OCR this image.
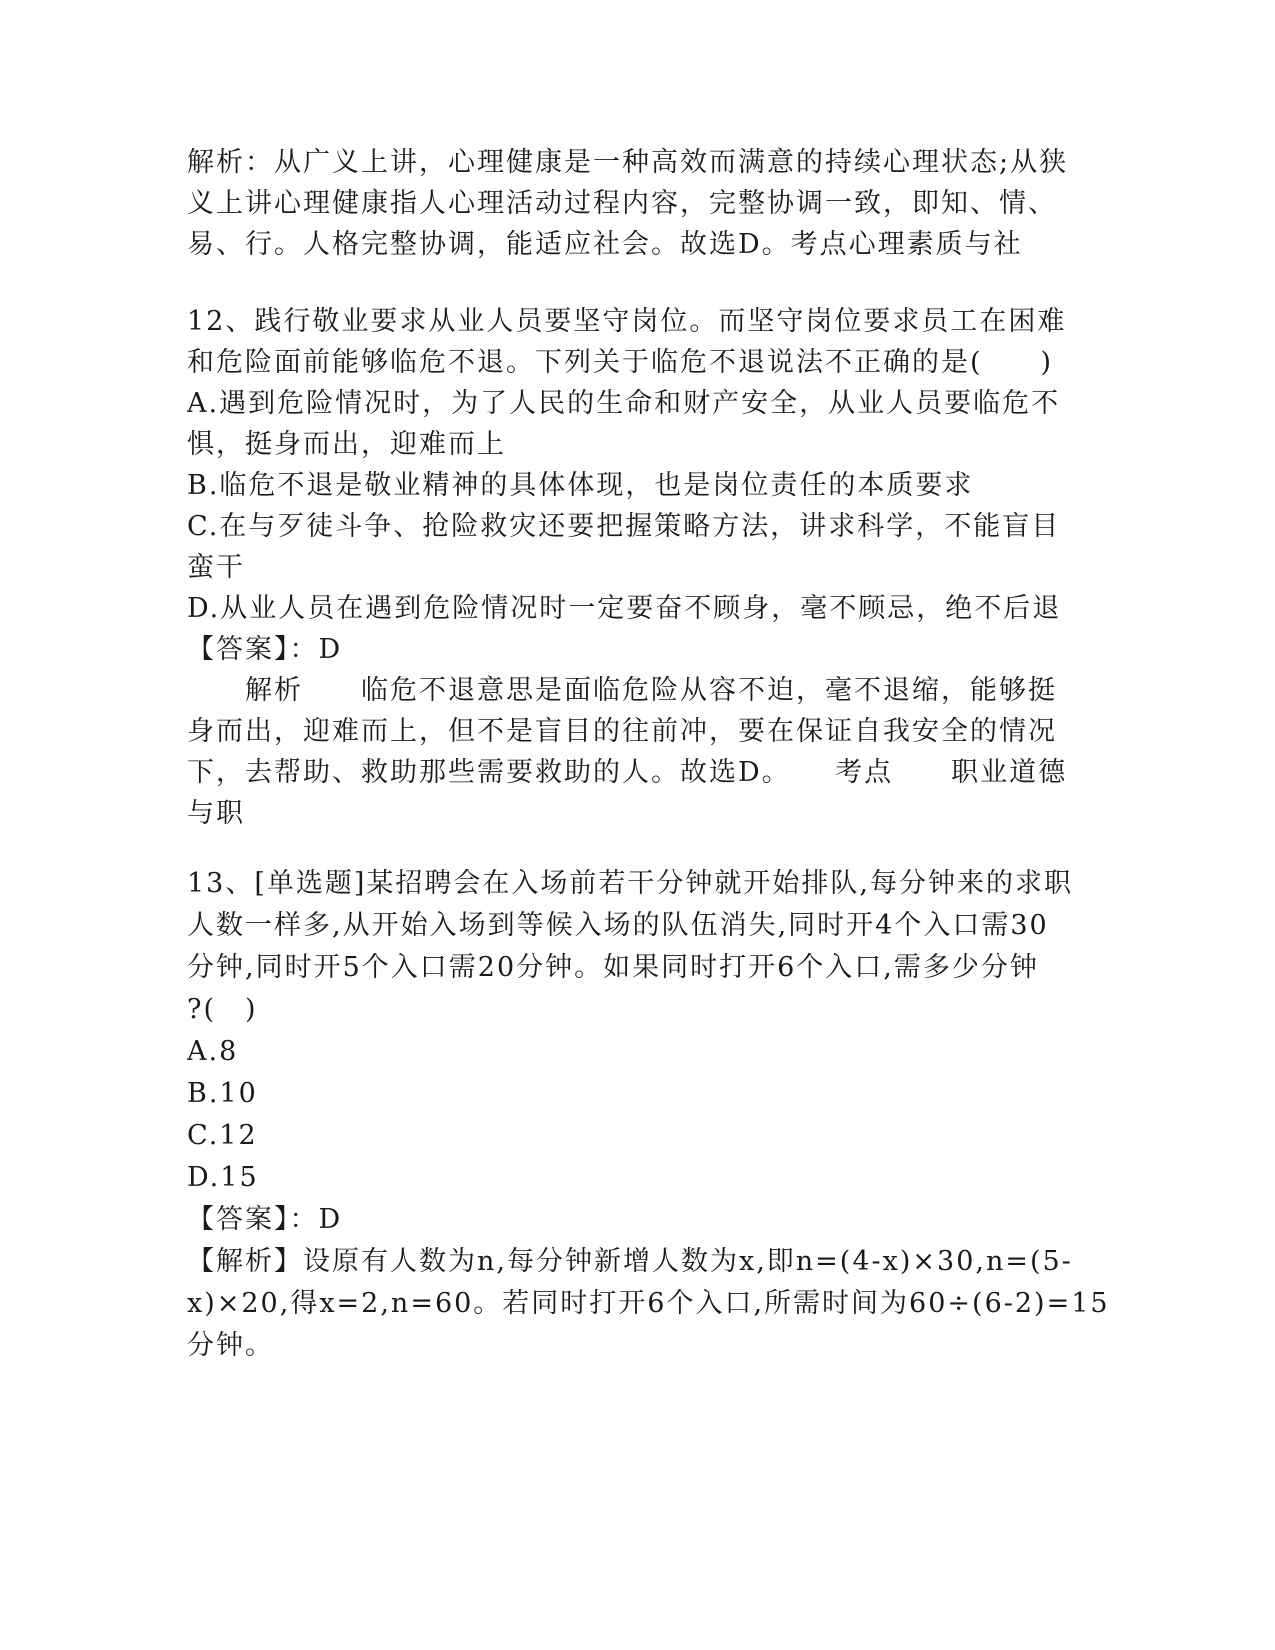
解析：从广义上讲，心理健康是一种高效而满意的持续心理状态;从狭
义上讲心理健康指人心理活动过程内容，完整协调一致，即知、情、
易、行。人格完整协调，能适应社会。故选D。考点心理素质与社
12、践行敬业要求从业人员要坚守岗位。而坚守岗位要求员工在困难
和危险面前能够临危不退。下列关于临危不退说法不正确的是(　　)
A.遇到危险情况时，为了人民的生命和财产安全，从业人员要临危不
惧，挺身而出，迎难而上
B.临危不退是敬业精神的具体体现，也是岗位责任的本质要求
C.在与歹徒斗争、抢险救灾还要把握策略方法，讲求科学，不能盲目
蛮干
D.从业人员在遇到危险情况时一定要奋不顾身，毫不顾忌，绝不后退
【答案】：D
　　解析　　临危不退意思是面临危险从容不迫，毫不退缩，能够挺
身而出，迎难而上，但不是盲目的往前冲，要在保证自我安全的情况
下，去帮助、救助那些需要救助的人。故选D。　　考点　　职业道德
与职
13、[单选题]某招聘会在入场前若干分钟就开始排队,每分钟来的求职
人数一样多,从开始入场到等候入场的队伍消失,同时开4个入口需30
分钟,同时开5个入口需20分钟。如果同时打开6个入口,需多少分钟
?(　)
A.8
B.10
C.12
D.15
【答案】：D
【解析】设原有人数为n,每分钟新增人数为x,即n=(4-x)×30,n=(5-
x)×20,得x=2,n=60。若同时打开6个入口,所需时间为60÷(6-2)=15
分钟。
